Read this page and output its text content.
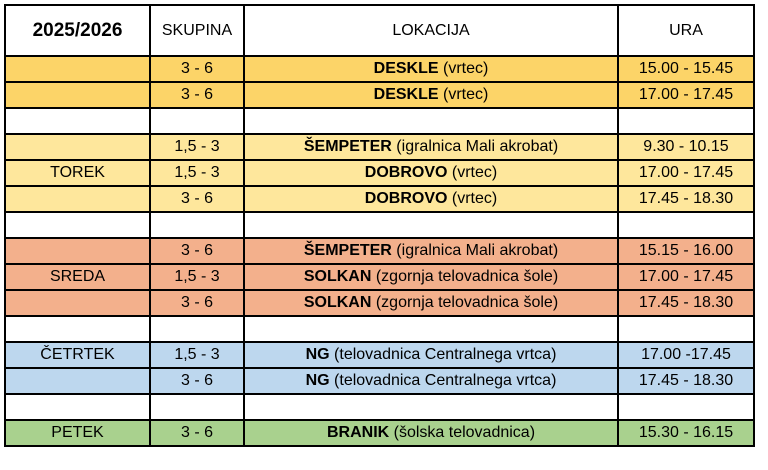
2025/2026	SKUPINA	LOKACIJA	URA
	3 - 6	DESKLE (vrtec)	15.00 - 15.45
	3 - 6	DESKLE (vrtec)	17.00 - 17.45

	1,5 - 3	ŠEMPETER (igralnica Mali akrobat)	9.30 - 10.15
TOREK	1,5 - 3	DOBROVO (vrtec)	17.00 - 17.45
	3 - 6	DOBROVO (vrtec)	17.45 - 18.30

	3 - 6	ŠEMPETER (igralnica Mali akrobat)	15.15 - 16.00
SREDA	1,5 - 3	SOLKAN (zgornja telovadnica šole)	17.00 - 17.45
	3 - 6	SOLKAN (zgornja telovadnica šole)	17.45 - 18.30

ČETRTEK	1,5 - 3	NG (telovadnica Centralnega vrtca)	17.00 -17.45
	3 - 6	NG (telovadnica Centralnega vrtca)	17.45 - 18.30

PETEK	3 - 6	BRANIK (šolska telovadnica)	15.30 - 16.15
